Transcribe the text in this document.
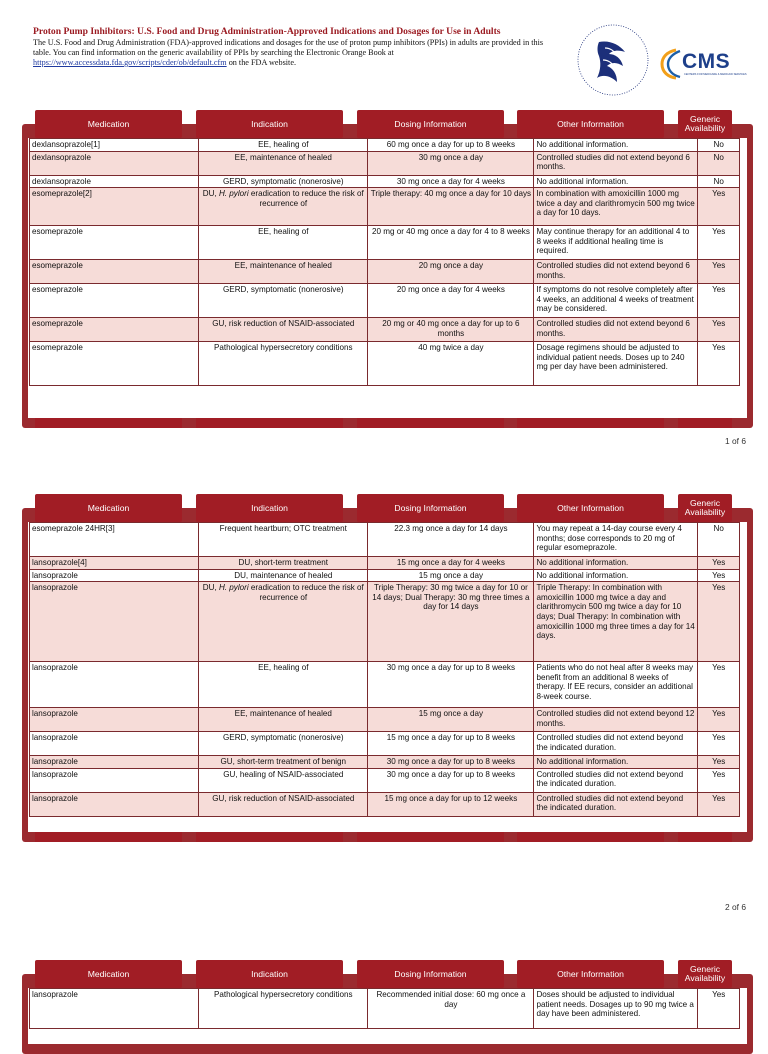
Proton Pump Inhibitors: U.S. Food and Drug Administration-Approved Indications and Dosages for Use in Adults
The U.S. Food and Drug Administration (FDA)-approved indications and dosages for the use of proton pump inhibitors (PPIs) in adults are provided in this table. You can find information on the generic availability of PPIs by searching the Electronic Orange Book at https://www.accessdata.fda.gov/scripts/cder/ob/default.cfm on the FDA website.	CMS
CENTERS FOR MEDICARE & MEDICAID SERVICES
Medication	Indication	Dosing Information	Other Information	Generic Availability
dexlansoprazole[1]	EE, healing of	60 mg once a day for up to 8 weeks	No additional information.	No
dexlansoprazole	EE, maintenance of healed	30 mg once a day	Controlled studies did not extend beyond 6 months.	No
dexlansoprazole	GERD, symptomatic (nonerosive)	30 mg once a day for 4 weeks	No additional information.	No
esomeprazole[2]	DU, H. pylori eradication to reduce the risk of recurrence of	Triple therapy: 40 mg once a day for 10 days	In combination with amoxicillin 1000 mg twice a day and clarithromycin 500 mg twice a day for 10 days.	Yes
esomeprazole	EE, healing of	20 mg or 40 mg once a day for 4 to 8 weeks	May continue therapy for an additional 4 to 8 weeks if additional healing time is required.	Yes
esomeprazole	EE, maintenance of healed	20 mg once a day	Controlled studies did not extend beyond 6 months.	Yes
esomeprazole	GERD, symptomatic (nonerosive)	20 mg once a day for 4 weeks	If symptoms do not resolve completely after 4 weeks, an additional 4 weeks of treatment may be considered.	Yes
esomeprazole	GU, risk reduction of NSAID-associated	20 mg or 40 mg once a day for up to 6 months	Controlled studies did not extend beyond 6 months.	Yes
esomeprazole	Pathological hypersecretory conditions	40 mg twice a day	Dosage regimens should be adjusted to individual patient needs. Doses up to 240 mg per day have been administered.	Yes
1 of 6
Medication	Indication	Dosing Information	Other Information	Generic Availability
esomeprazole 24HR[3]	Frequent heartburn; OTC treatment	22.3 mg once a day for 14 days	You may repeat a 14-day course every 4 months; dose corresponds to 20 mg of regular esomeprazole.	No
lansoprazole[4]	DU, short-term treatment	15 mg once a day for 4 weeks	No additional information.	Yes
lansoprazole	DU, maintenance of healed	15 mg once a day	No additional information.	Yes
lansoprazole	DU, H. pylori eradication to reduce the risk of recurrence of	Triple Therapy: 30 mg twice a day for 10 or 14 days; Dual Therapy: 30 mg three times a day for 14 days	Triple Therapy: In combination with amoxicillin 1000 mg twice a day and clarithromycin 500 mg twice a day for 10 days; Dual Therapy: In combination with amoxicillin 1000 mg three times a day for 14 days.	Yes
lansoprazole	EE, healing of	30 mg once a day for up to 8 weeks	Patients who do not heal after 8 weeks may benefit from an additional 8 weeks of therapy. If EE recurs, consider an additional 8-week course.	Yes
lansoprazole	EE, maintenance of healed	15 mg once a day	Controlled studies did not extend beyond 12 months.	Yes
lansoprazole	GERD, symptomatic (nonerosive)	15 mg once a day for up to 8 weeks	Controlled studies did not extend beyond the indicated duration.	Yes
lansoprazole	GU, short-term treatment of benign	30 mg once a day for up to 8 weeks	No additional information.	Yes
lansoprazole	GU, healing of NSAID-associated	30 mg once a day for up to 8 weeks	Controlled studies did not extend beyond the indicated duration.	Yes
lansoprazole	GU, risk reduction of NSAID-associated	15 mg once a day for up to 12 weeks	Controlled studies did not extend beyond the indicated duration.	Yes
2 of 6
Medication	Indication	Dosing Information	Other Information	Generic Availability
lansoprazole	Pathological hypersecretory conditions	Recommended initial dose: 60 mg once a day	Doses should be adjusted to individual patient needs. Dosages up to 90 mg twice a day have been administered.	Yes
